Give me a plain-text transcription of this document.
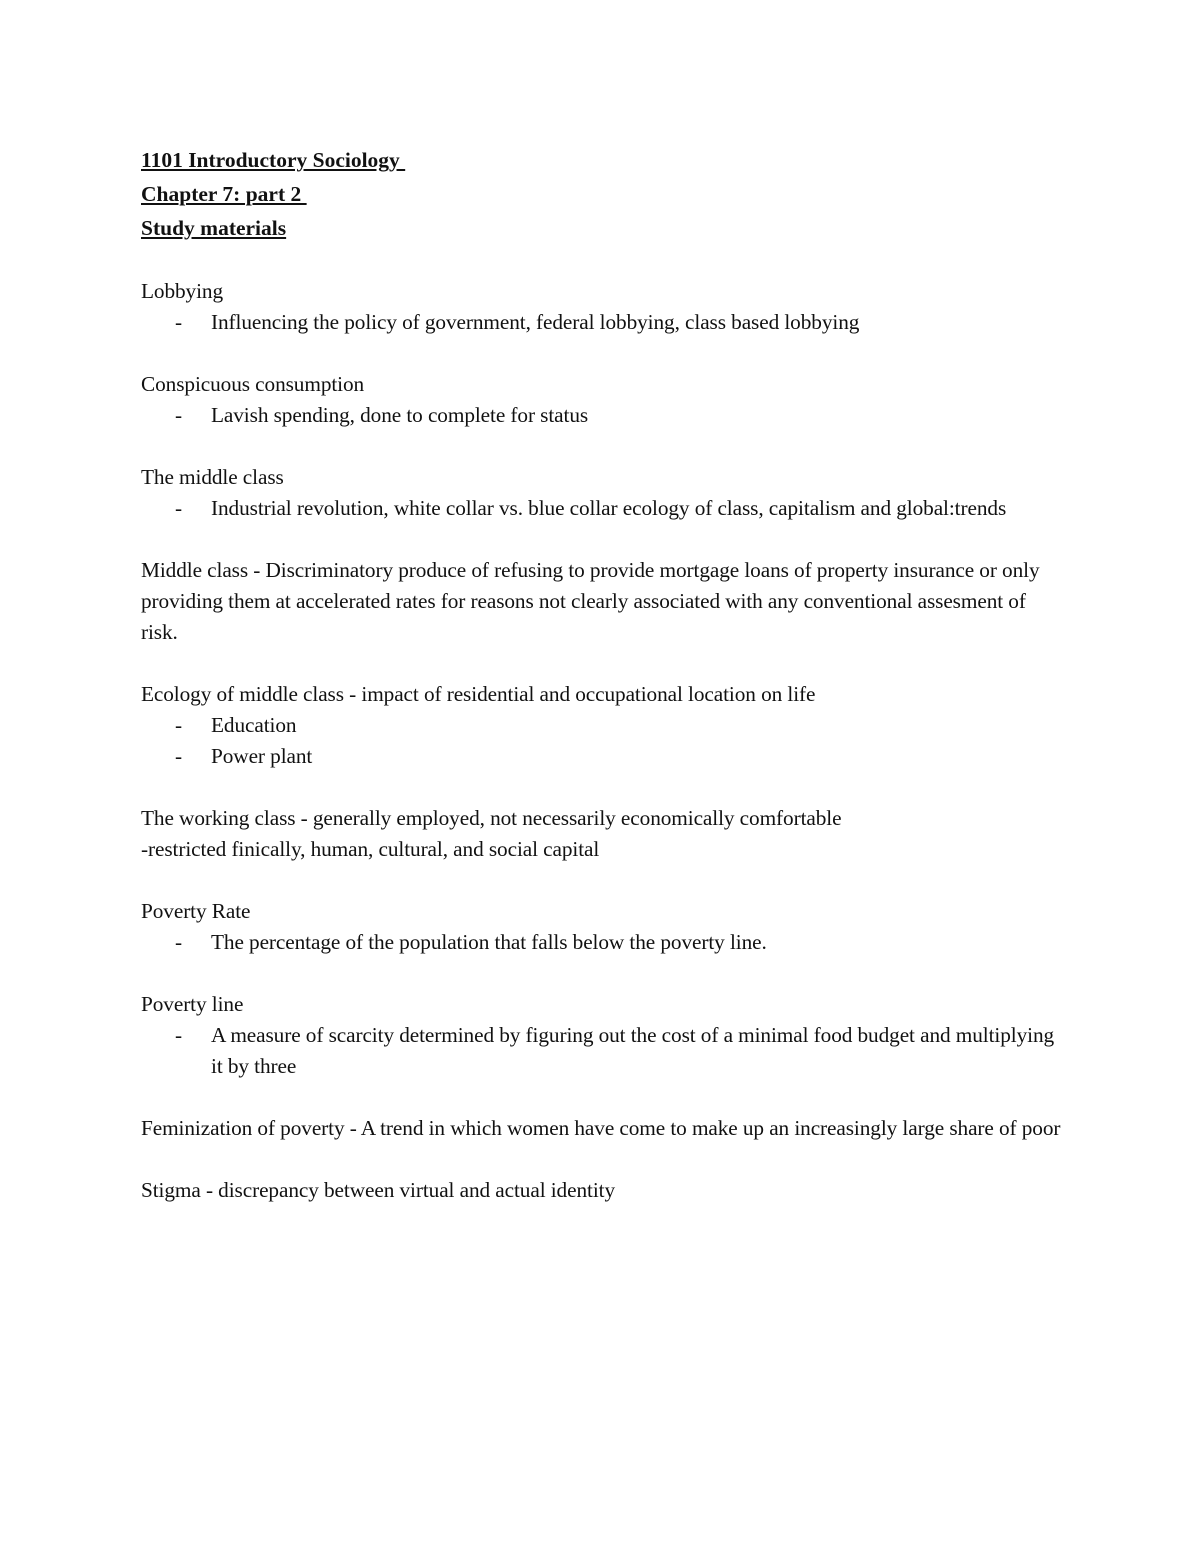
1101 Introductory Sociology
Chapter 7: part 2
Study materials
Lobbying
-	Influencing the policy of government, federal lobbying, class based lobbying
Conspicuous consumption
-	Lavish spending, done to complete for status
The middle class
-	Industrial revolution, white collar vs. blue collar ecology of class, capitalism and global:trends
Middle class - Discriminatory produce of refusing to provide mortgage loans of property insurance or only providing them at accelerated rates for reasons not clearly associated with any conventional assesment of risk.
Ecology of middle class - impact of residential and occupational location on life
-	Education
-	Power plant
The working class - generally employed, not necessarily economically comfortable
-restricted finically, human, cultural, and social capital
Poverty Rate
-	The percentage of the population that falls below the poverty line.
Poverty line
-	A measure of scarcity determined by figuring out the cost of a minimal food budget and multiplying it by three
Feminization of poverty - A trend in which women have come to make up an increasingly large share of poor
Stigma - discrepancy between virtual and actual identity
